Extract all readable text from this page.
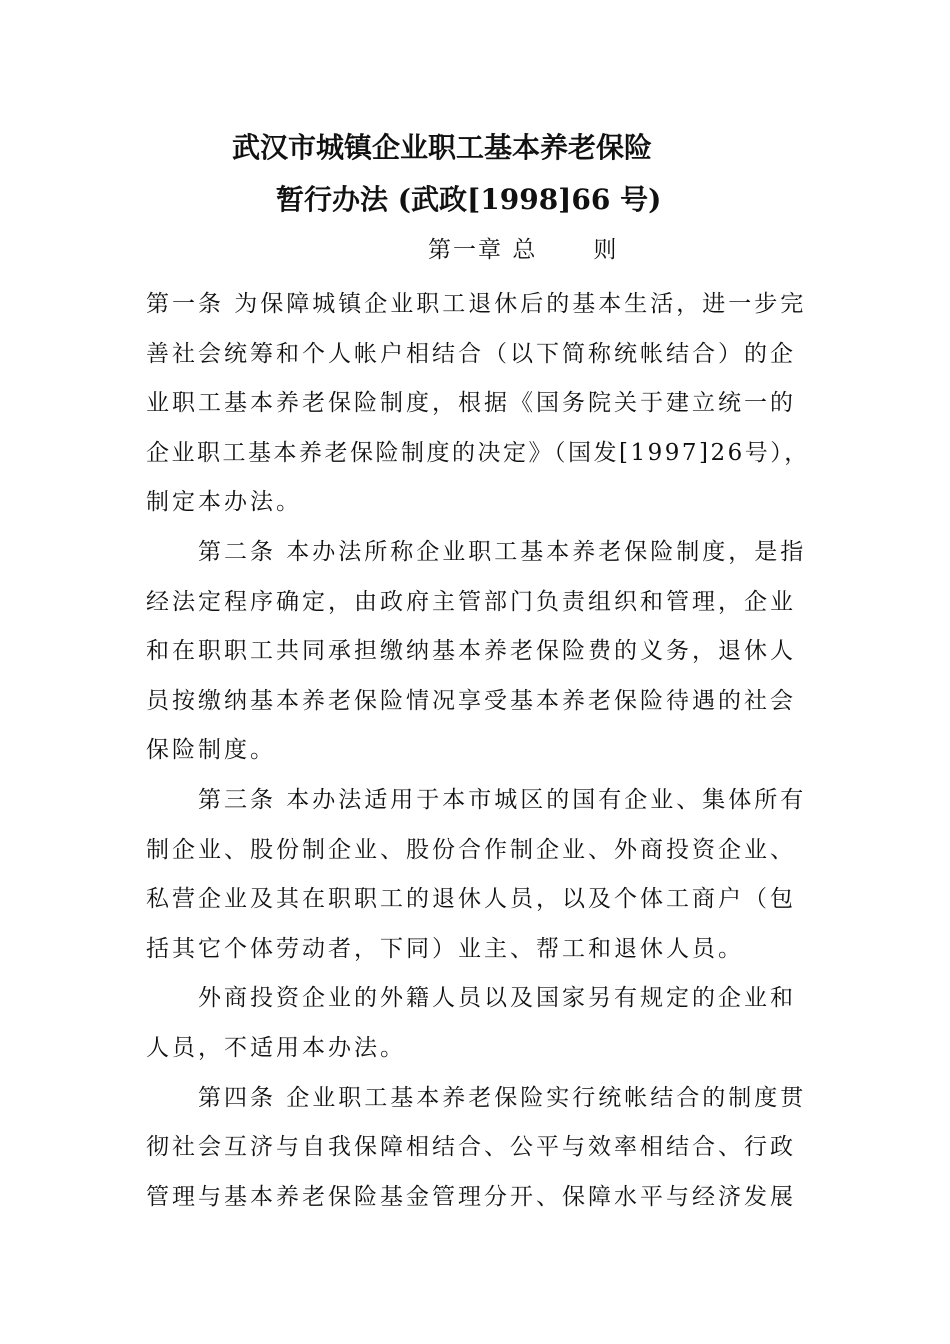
武汉市城镇企业职工基本养老保险
暂行办法 (武政[1998]66 号)
第一章 总 则
第一条 为保障城镇企业职工退休后的基本生活，进一步完
善社会统筹和个人帐户相结合（以下简称统帐结合）的企
业职工基本养老保险制度，根据《国务院关于建立统一的
企业职工基本养老保险制度的决定》（国发[1997]26号），
制定本办法。
第二条 本办法所称企业职工基本养老保险制度，是指
经法定程序确定，由政府主管部门负责组织和管理，企业
和在职职工共同承担缴纳基本养老保险费的义务，退休人
员按缴纳基本养老保险情况享受基本养老保险待遇的社会
保险制度。
第三条 本办法适用于本市城区的国有企业、集体所有
制企业、股份制企业、股份合作制企业、外商投资企业、
私营企业及其在职职工的退休人员，以及个体工商户（包
括其它个体劳动者，下同）业主、帮工和退休人员。
外商投资企业的外籍人员以及国家另有规定的企业和
人员，不适用本办法。
第四条 企业职工基本养老保险实行统帐结合的制度贯
彻社会互济与自我保障相结合、公平与效率相结合、行政
管理与基本养老保险基金管理分开、保障水平与经济发展
